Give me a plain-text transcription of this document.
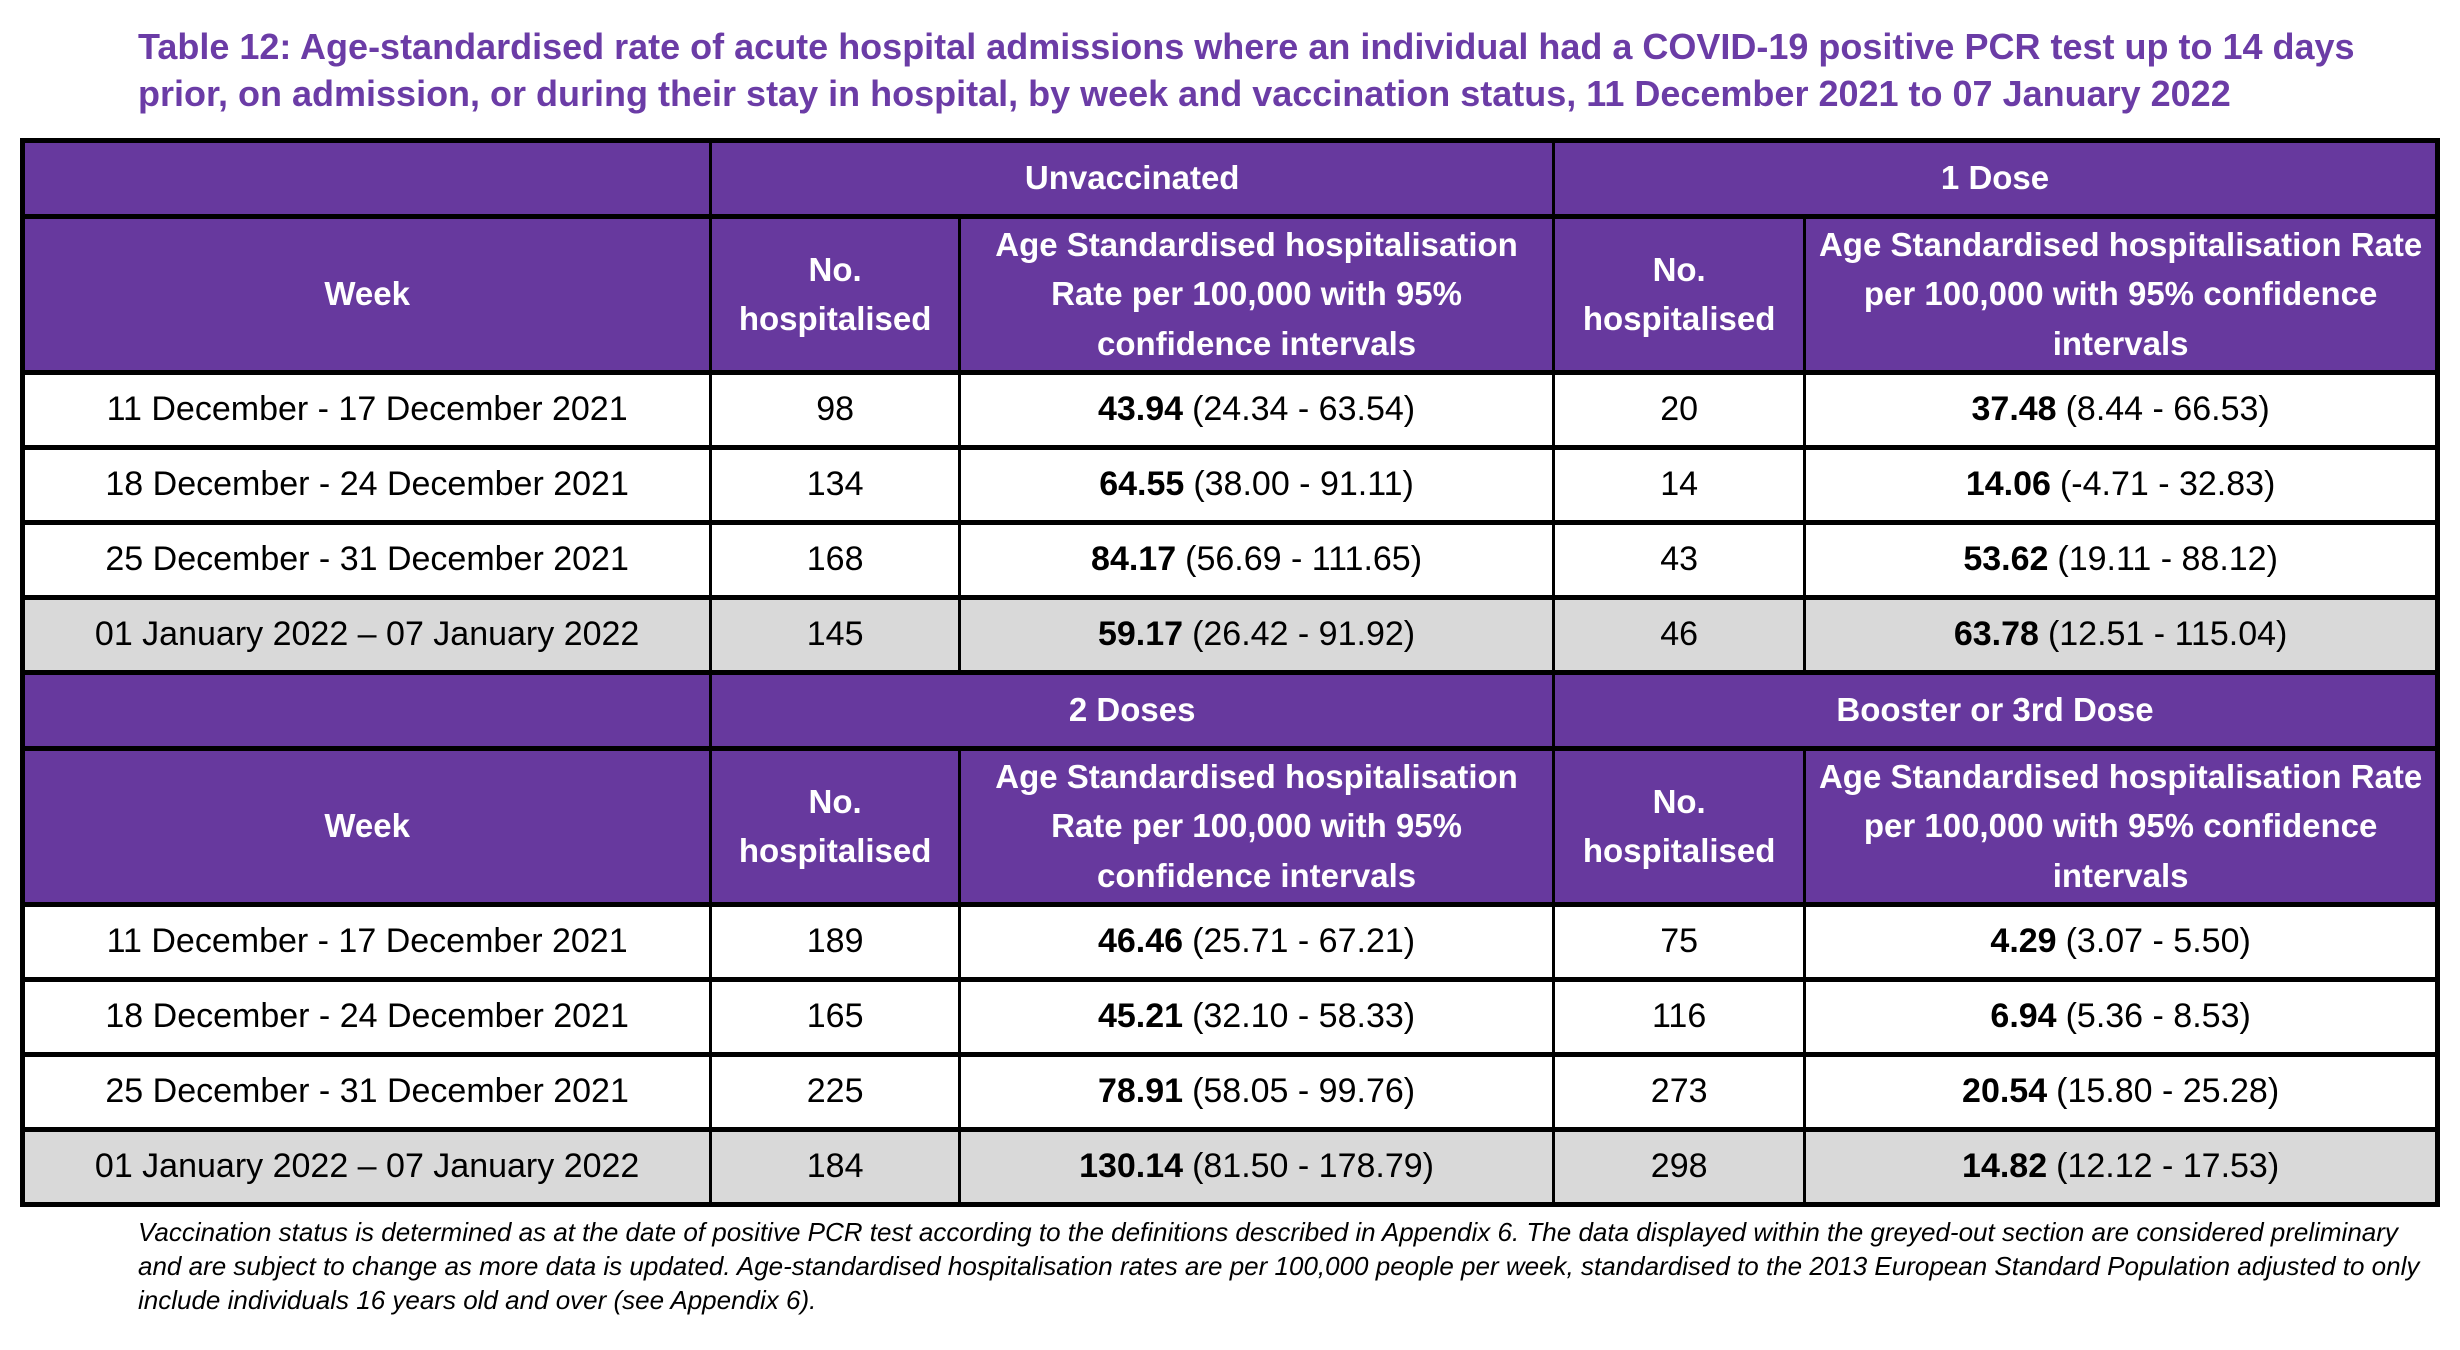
Table 12: Age-standardised rate of acute hospital admissions where an individual had a COVID-19 positive PCR test up to 14 days prior, on admission, or during their stay in hospital, by week and vaccination status, 11 December 2021 to 07 January 2022
	Unvaccinated		1 Dose	
Week	No. hospitalised	Age Standardised hospitalisation Rate per 100,000 with 95% confidence intervals	No. hospitalised	Age Standardised hospitalisation Rate per 100,000 with 95% confidence intervals
11 December - 17 December 2021	98	43.94 (24.34 - 63.54)	20	37.48 (8.44 - 66.53)
18 December - 24 December 2021	134	64.55 (38.00 - 91.11)	14	14.06 (-4.71 - 32.83)
25 December - 31 December 2021	168	84.17 (56.69 - 111.65)	43	53.62 (19.11 - 88.12)
01 January 2022 – 07 January 2022	145	59.17 (26.42 - 91.92)	46	63.78 (12.51 - 115.04)
	2 Doses		Booster or 3rd Dose	
Week	No. hospitalised	Age Standardised hospitalisation Rate per 100,000 with 95% confidence intervals	No. hospitalised	Age Standardised hospitalisation Rate per 100,000 with 95% confidence intervals
11 December - 17 December 2021	189	46.46 (25.71 - 67.21)	75	4.29 (3.07 - 5.50)
18 December - 24 December 2021	165	45.21 (32.10 - 58.33)	116	6.94 (5.36 - 8.53)
25 December - 31 December 2021	225	78.91 (58.05 - 99.76)	273	20.54 (15.80 - 25.28)
01 January 2022 – 07 January 2022	184	130.14 (81.50 - 178.79)	298	14.82 (12.12 - 17.53)

Vaccination status is determined as at the date of positive PCR test according to the definitions described in Appendix 6. The data displayed within the greyed-out section are considered preliminary and are subject to change as more data is updated. Age-standardised hospitalisation rates are per 100,000 people per week, standardised to the 2013 European Standard Population adjusted to only include individuals 16 years old and over (see Appendix 6).
